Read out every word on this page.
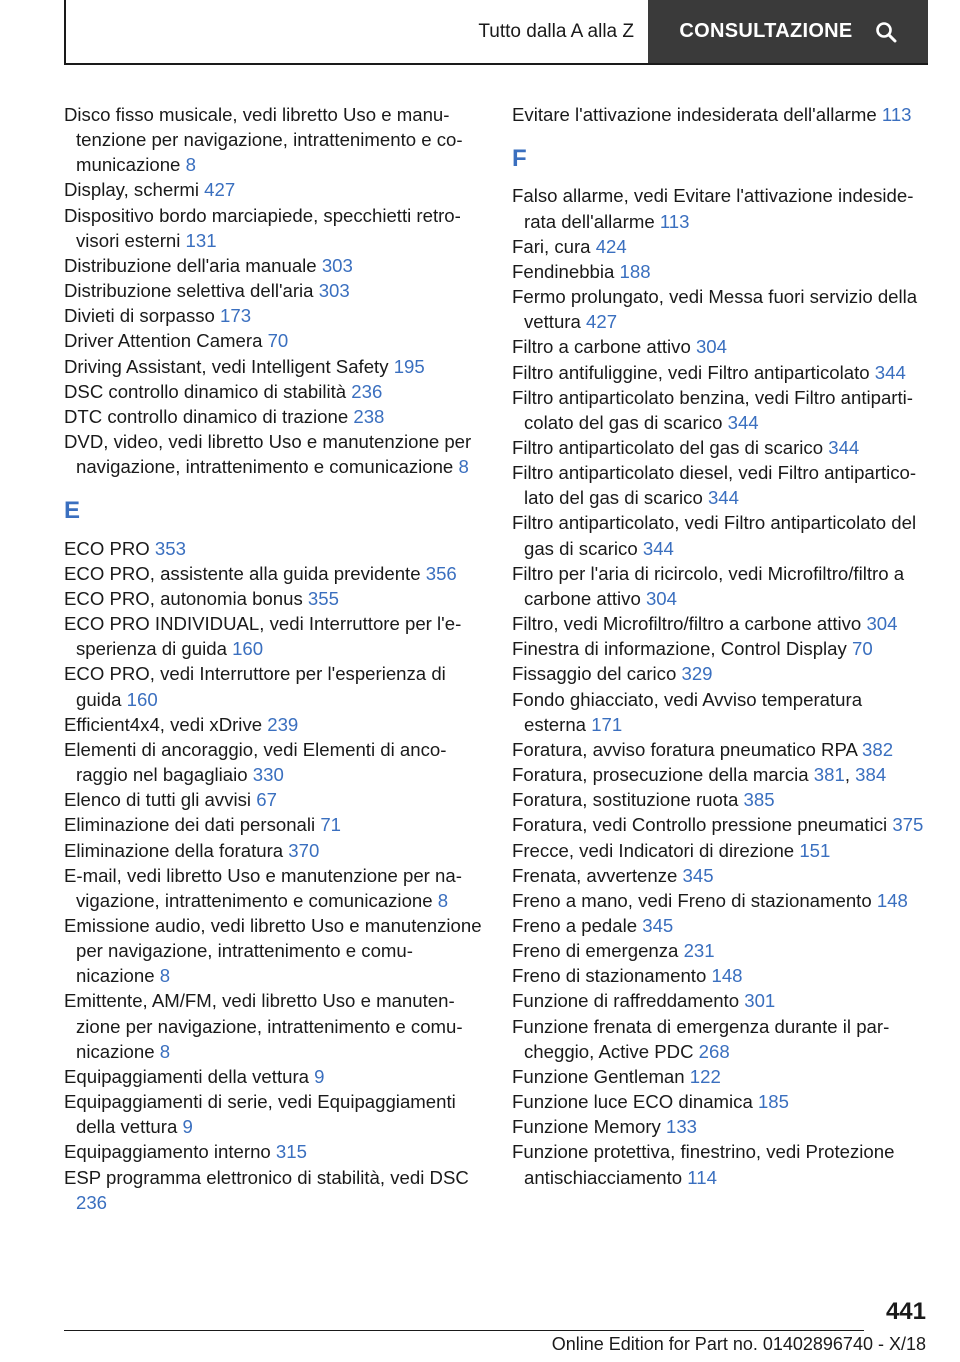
Tutto dalla A alla Z	CONSULTAZIONE
Disco fisso musicale, vedi libretto Uso e manutenzione per navigazione, intrattenimento e comunicazione 8
Display, schermi 427
Dispositivo bordo marciapiede, specchietti retrovisori esterni 131
Distribuzione dell'aria manuale 303
Distribuzione selettiva dell'aria 303
Divieti di sorpasso 173
Driver Attention Camera 70
Driving Assistant, vedi Intelligent Safety 195
DSC controllo dinamico di stabilità 236
DTC controllo dinamico di trazione 238
DVD, video, vedi libretto Uso e manutenzione per navigazione, intrattenimento e comunicazione 8
E
ECO PRO 353
ECO PRO, assistente alla guida previdente 356
ECO PRO, autonomia bonus 355
ECO PRO INDIVIDUAL, vedi Interruttore per l'esperienza di guida 160
ECO PRO, vedi Interruttore per l'esperienza di guida 160
Efficient4x4, vedi xDrive 239
Elementi di ancoraggio, vedi Elementi di ancoraggio nel bagagliaio 330
Elenco di tutti gli avvisi 67
Eliminazione dei dati personali 71
Eliminazione della foratura 370
E-mail, vedi libretto Uso e manutenzione per navigazione, intrattenimento e comunicazione 8
Emissione audio, vedi libretto Uso e manutenzione per navigazione, intrattenimento e comunicazione 8
Emittente, AM/FM, vedi libretto Uso e manutenzione per navigazione, intrattenimento e comunicazione 8
Equipaggiamenti della vettura 9
Equipaggiamenti di serie, vedi Equipaggiamenti della vettura 9
Equipaggiamento interno 315
ESP programma elettronico di stabilità, vedi DSC 236
Evitare l'attivazione indesiderata dell'allarme 113
F
Falso allarme, vedi Evitare l'attivazione indesiderata dell'allarme 113
Fari, cura 424
Fendinebbia 188
Fermo prolungato, vedi Messa fuori servizio della vettura 427
Filtro a carbone attivo 304
Filtro antifuliggine, vedi Filtro antiparticolato 344
Filtro antiparticolato benzina, vedi Filtro antiparticolato del gas di scarico 344
Filtro antiparticolato del gas di scarico 344
Filtro antiparticolato diesel, vedi Filtro antiparticolato del gas di scarico 344
Filtro antiparticolato, vedi Filtro antiparticolato del gas di scarico 344
Filtro per l'aria di ricircolo, vedi Microfiltro/filtro a carbone attivo 304
Filtro, vedi Microfiltro/filtro a carbone attivo 304
Finestra di informazione, Control Display 70
Fissaggio del carico 329
Fondo ghiacciato, vedi Avviso temperatura esterna 171
Foratura, avviso foratura pneumatico RPA 382
Foratura, prosecuzione della marcia 381, 384
Foratura, sostituzione ruota 385
Foratura, vedi Controllo pressione pneumatici 375
Frecce, vedi Indicatori di direzione 151
Frenata, avvertenze 345
Freno a mano, vedi Freno di stazionamento 148
Freno a pedale 345
Freno di emergenza 231
Freno di stazionamento 148
Funzione di raffreddamento 301
Funzione frenata di emergenza durante il parcheggio, Active PDC 268
Funzione Gentleman 122
Funzione luce ECO dinamica 185
Funzione Memory 133
Funzione protettiva, finestrino, vedi Protezione antischiacciamento 114
441
Online Edition for Part no. 01402896740 - X/18
